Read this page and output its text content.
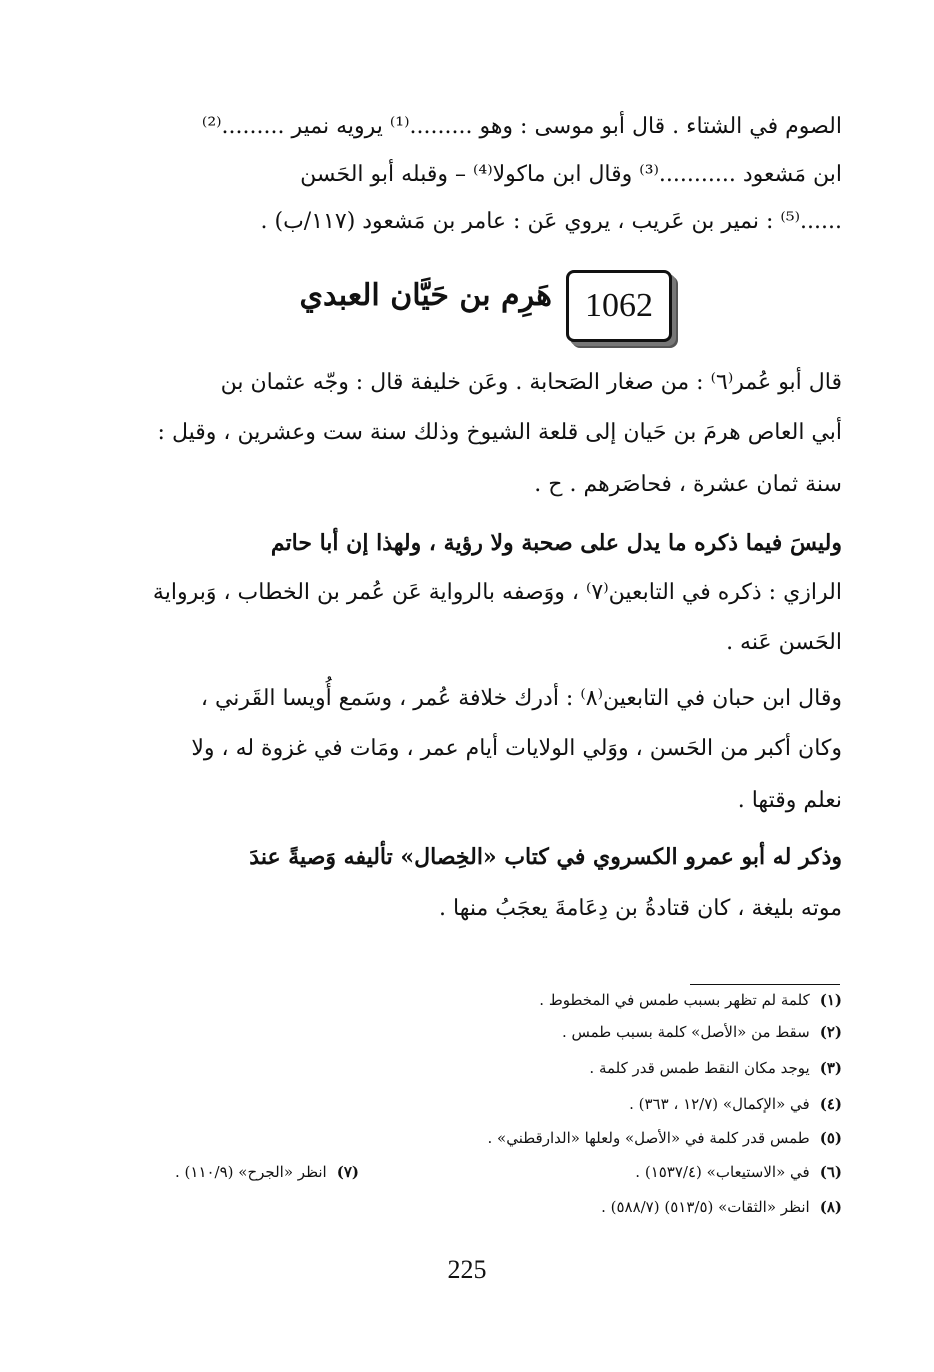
الصوم في الشتاء . قال أبو موسى : وهو .........⁽¹⁾ يرويه نمير .........⁽²⁾
ابن مَشعود ...........⁽³⁾ وقال ابن ماكولا⁽⁴⁾ – وقبله أبو الحَسن
......⁽⁵⁾ : نمير بن عَريب ، يروي عَن : عامر بن مَشعود (١١٧/ب) .
1062
هَرِم بن حَيَّان العبدي
قال أبو عُمر⁽٦⁾ : من صغار الصَحابة . وعَن خليفة قال : وجّه عثمان بن
أبي العاص هرمَ بن حَيان إلى قلعة الشيوخ وذلك سنة ست وعشرين ، وقيل :
سنة ثمان عشرة ، فحاصَرهم . ح .
وليسَ فيما ذكره ما يدل على صحبة ولا رؤية ، ولهذا إن أبا حاتم
الرازي : ذكره في التابعين⁽٧⁾ ، ووَصفه بالرواية عَن عُمر بن الخطاب ، وَبرواية
الحَسن عَنه .
وقال ابن حبان في التابعين⁽٨⁾ : أدرك خلافة عُمر ، وسَمع أُويسا القَرني ،
وكان أكبر من الحَسن ، ووَلي الولايات أيام عمر ، ومَات في غزوة له ، ولا
نعلم وقتها .
وذكر له أبو عمرو الكسروي في كتاب «الخِصال» تأليفه وَصيةً عندَ
موته بليغة ، كان قتادةُ بن دِعَامةَ يعجَبُ منها .
(١)كلمة لم تظهر بسبب طمس في المخطوط .
(٢)سقط من «الأصل» كلمة بسبب طمس .
(٣)يوجد مكان النقط طمس قدر كلمة .
(٤)في «الإكمال» (١٢/٧ ، ٣٦٣) .
(٥)طمس قدر كلمة في «الأصل» ولعلها «الدارقطني» .
(٦)في «الاستيعاب» (١٥٣٧/٤) .
(٧)انظر «الجرح» (١١٠/٩) .
(٨)انظر «الثقات» (٥١٣/٥) (٥٨٨/٧) .
225
